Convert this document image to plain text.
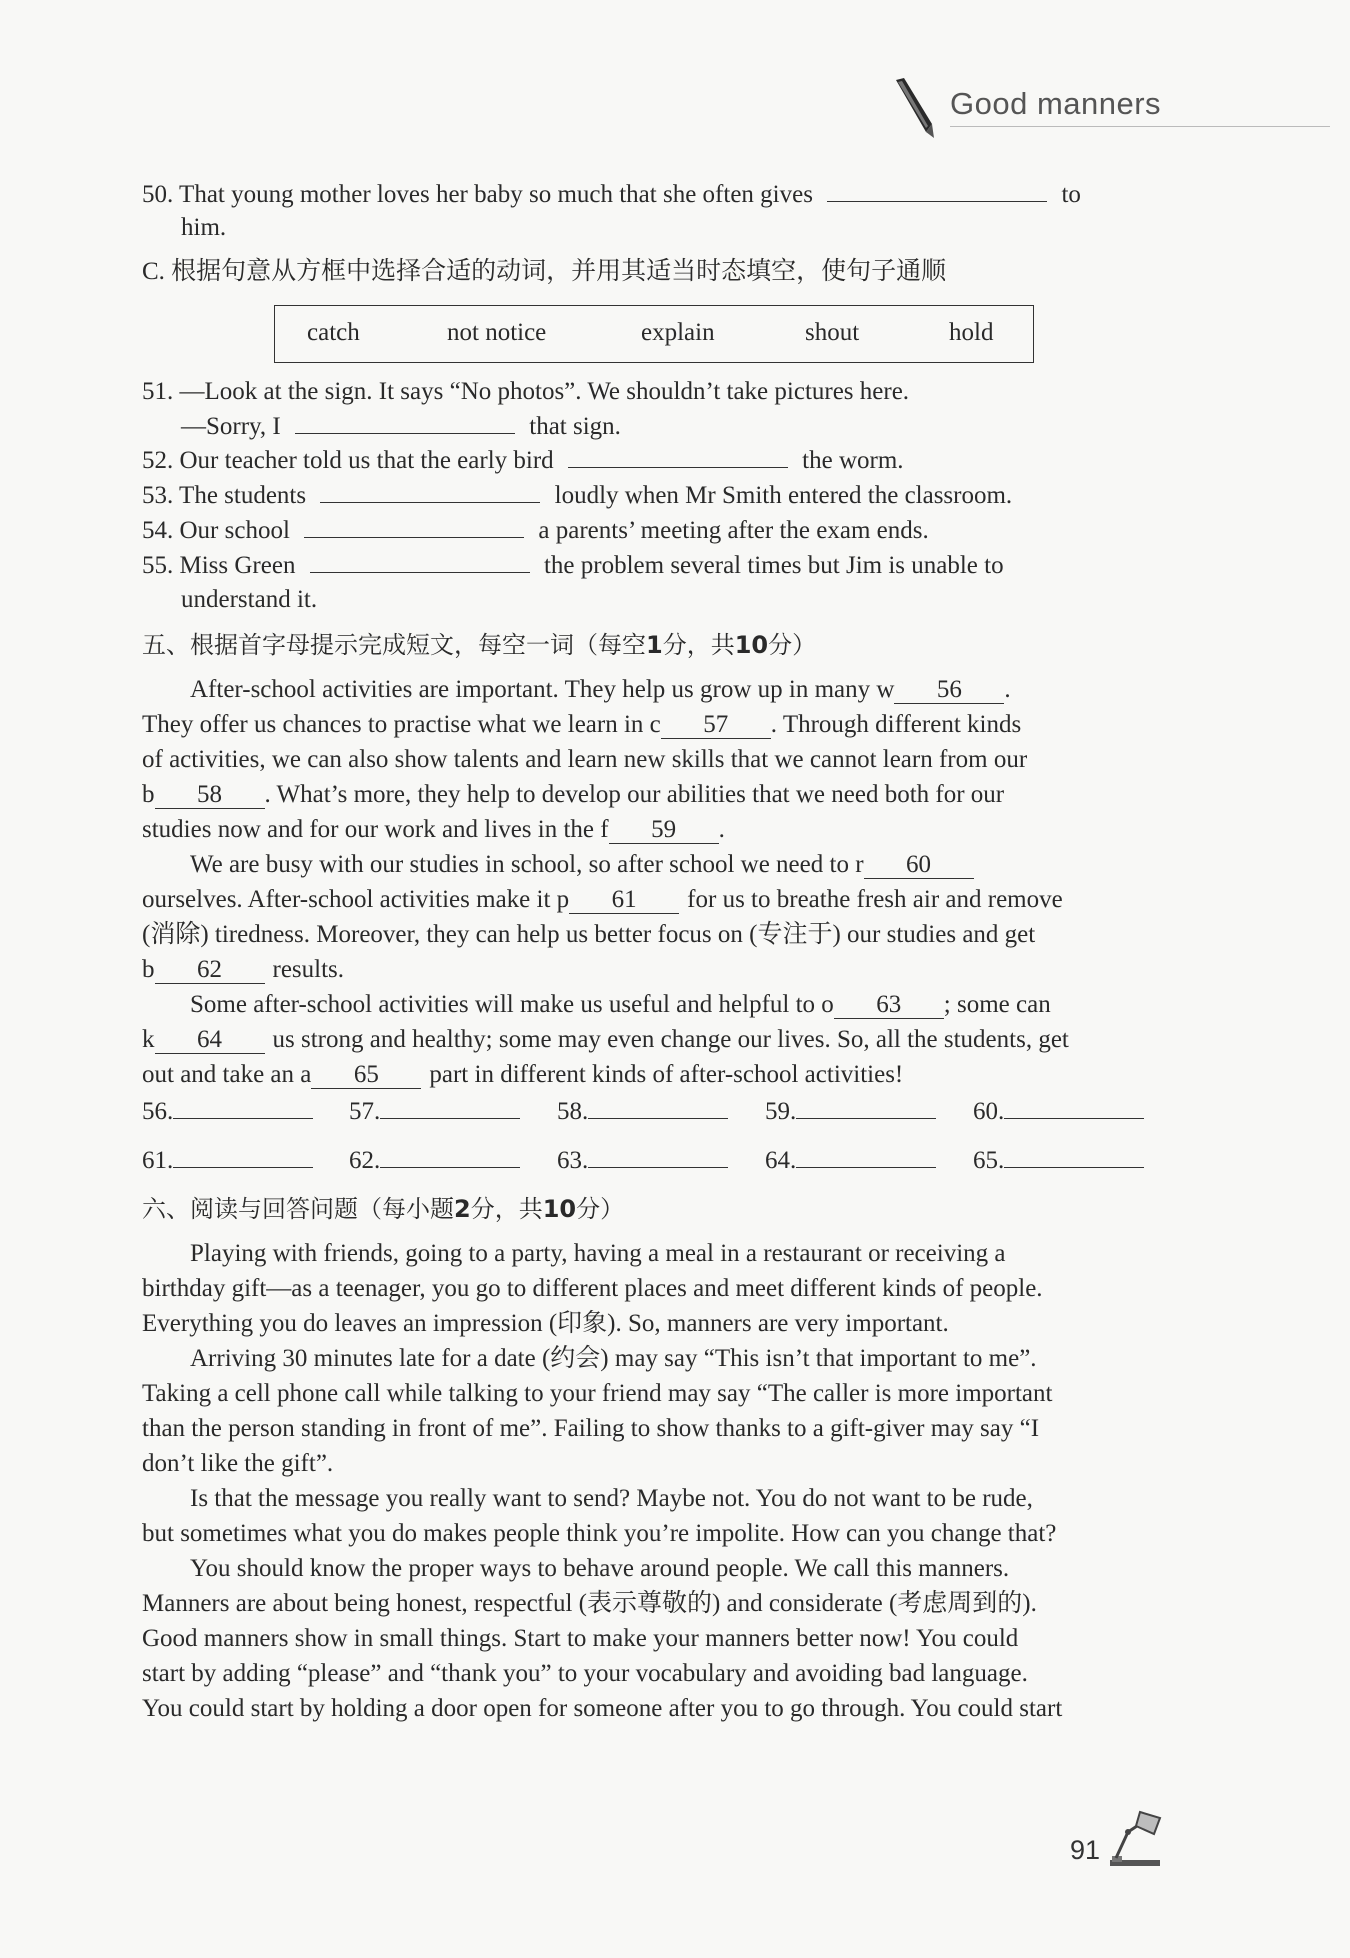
Good manners
50. That young mother loves her baby so much that she often gives	to
him.
C. 根据句意从方框中选择合适的动词，并用其适当时态填空，使句子通顺
catch	not notice	explain	shout	hold
51. —Look at the sign. It says “No photos”. We shouldn’t take pictures here.
—Sorry, I	that sign.
52. Our teacher told us that the early bird	the worm.
53. The students	loudly when Mr Smith entered the classroom.
54. Our school	a parents’ meeting after the exam ends.
55. Miss Green	the problem several times but Jim is unable to
understand it.
五、根据首字母提示完成短文，每空一词（每空1分，共10分）
After-school activities are important. They help us grow up in many w 56 .
They offer us chances to practise what we learn in c 57 . Through different kinds
of activities, we can also show talents and learn new skills that we cannot learn from our
b 58 . What’s more, they help to develop our abilities that we need both for our
studies now and for our work and lives in the f 59 .
We are busy with our studies in school, so after school we need to r 60
ourselves. After-school activities make it p 61 for us to breathe fresh air and remove
(消除) tiredness. Moreover, they can help us better focus on (专注于) our studies and get
b 62 results.
Some after-school activities will make us useful and helpful to o 63 ; some can
k 64 us strong and healthy; some may even change our lives. So, all the students, get
out and take an a 65 part in different kinds of after-school activities!
56.	57.	58.	59.	60.
61.	62.	63.	64.	65.
六、阅读与回答问题（每小题2分，共10分）
Playing with friends, going to a party, having a meal in a restaurant or receiving a
birthday gift—as a teenager, you go to different places and meet different kinds of people.
Everything you do leaves an impression (印象). So, manners are very important.
Arriving 30 minutes late for a date (约会) may say “This isn’t that important to me”.
Taking a cell phone call while talking to your friend may say “The caller is more important
than the person standing in front of me”. Failing to show thanks to a gift-giver may say “I
don’t like the gift”.
Is that the message you really want to send? Maybe not. You do not want to be rude,
but sometimes what you do makes people think you’re impolite. How can you change that?
You should know the proper ways to behave around people. We call this manners.
Manners are about being honest, respectful (表示尊敬的) and considerate (考虑周到的).
Good manners show in small things. Start to make your manners better now! You could
start by adding “please” and “thank you” to your vocabulary and avoiding bad language.
You could start by holding a door open for someone after you to go through. You could start
91
